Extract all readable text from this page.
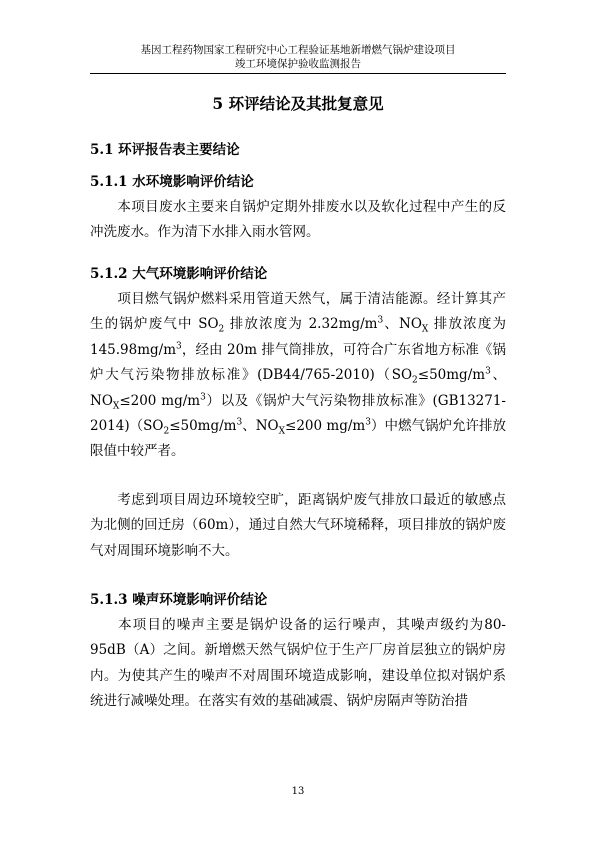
基因工程药物国家工程研究中心工程验证基地新增燃气锅炉建设项目
竣工环境保护验收监测报告
5 环评结论及其批复意见
5.1 环评报告表主要结论
5.1.1 水环境影响评价结论
本项目废水主要来自锅炉定期外排废水以及软化过程中产生的反冲洗废水。作为清下水排入雨水管网。
5.1.2 大气环境影响评价结论
项目燃气锅炉燃料采用管道天然气，属于清洁能源。经计算其产生的锅炉废气中 $SO_2$ 排放浓度为 $2.32mg/m^3$、$NO_X$ 排放浓度为 $145.98mg/m^3$，经由 20m 排气筒排放，可符合广东省地方标准《锅炉大气污染物排放标准》$(DB44/765-2010)(SO_2\le 50mg/m^3$、$NO_X\le 200$ $mg/m^3$）以及《锅炉大气污染物排放标准》$(GB13271-2014)(SO_2\le 50mg/m^3$、$NO_X\le 200$ $mg/m^3$）中燃气锅炉允许排放限值中较严者。
考虑到项目周边环境较空旷，距离锅炉废气排放口最近的敏感点为北侧的回迁房（60m），通过自然大气环境稀释，项目排放的锅炉废气对周围环境影响不大。
5.1.3 噪声环境影响评价结论
本项目的噪声主要是锅炉设备的运行噪声，其噪声级约为80-95dB（A）之间。新增燃天然气锅炉位于生产厂房首层独立的锅炉房内。为使其产生的噪声不对周围环境造成影响，建设单位拟对锅炉系统进行减噪处理。在落实有效的基础减震、锅炉房隔声等防治措
13
